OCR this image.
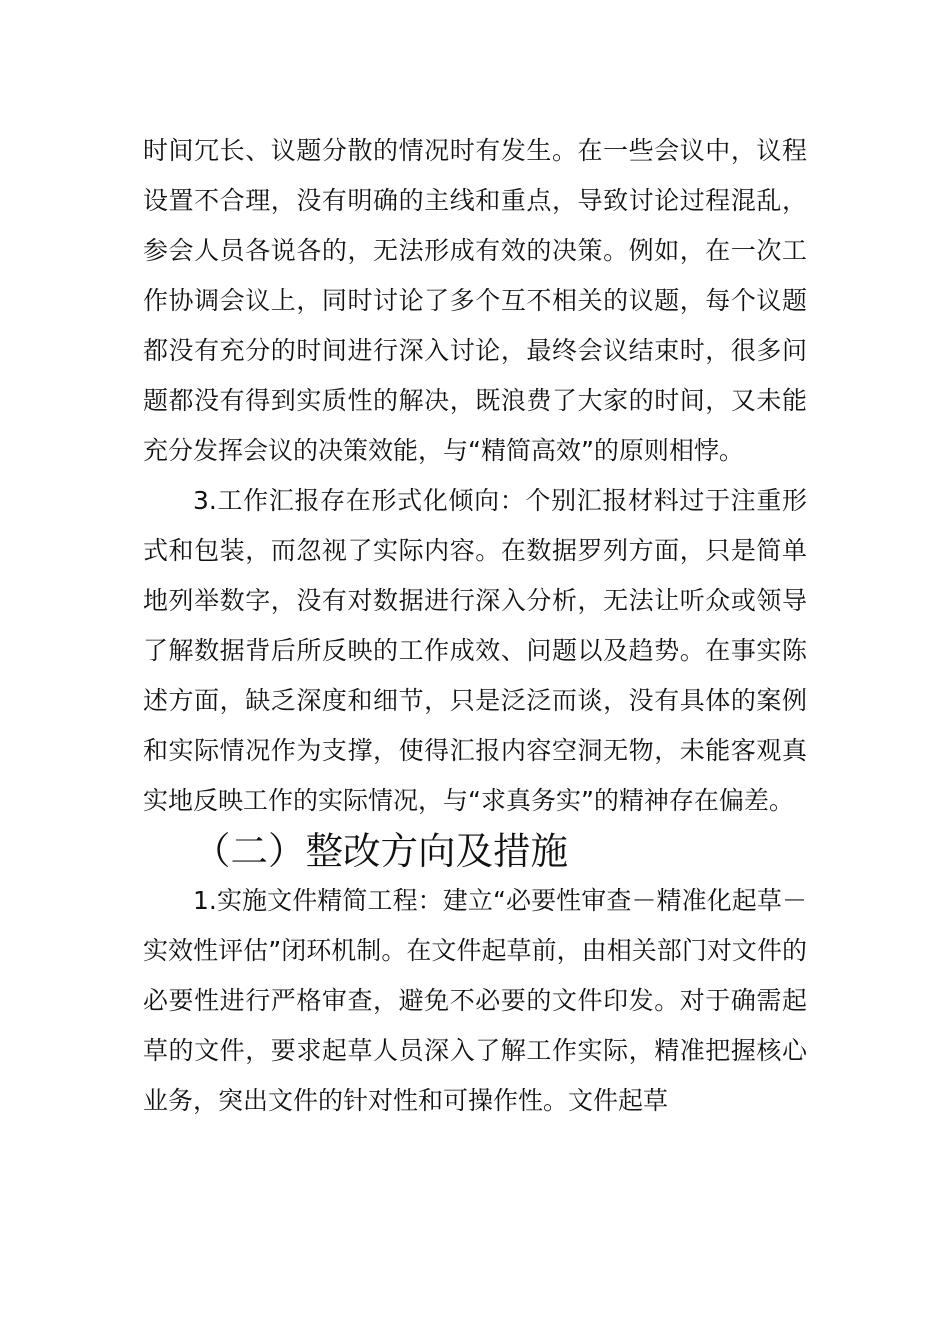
时间冗长、议题分散的情况时有发生。在一些会议中，议程设置不合理，没有明确的主线和重点，导致讨论过程混乱，参会人员各说各的，无法形成有效的决策。例如，在一次工作协调会议上，同时讨论了多个互不相关的议题，每个议题都没有充分的时间进行深入讨论，最终会议结束时，很多问题都没有得到实质性的解决，既浪费了大家的时间，又未能充分发挥会议的决策效能，与“精简高效”的原则相悖。

3.工作汇报存在形式化倾向：个别汇报材料过于注重形式和包装，而忽视了实际内容。在数据罗列方面，只是简单地列举数字，没有对数据进行深入分析，无法让听众或领导了解数据背后所反映的工作成效、问题以及趋势。在事实陈述方面，缺乏深度和细节，只是泛泛而谈，没有具体的案例和实际情况作为支撑，使得汇报内容空洞无物，未能客观真实地反映工作的实际情况，与“求真务实”的精神存在偏差。

（二）整改方向及措施

1.实施文件精简工程：建立“必要性审查－精准化起草－实效性评估”闭环机制。在文件起草前，由相关部门对文件的必要性进行严格审查，避免不必要的文件印发。对于确需起草的文件，要求起草人员深入了解工作实际，精准把握核心业务，突出文件的针对性和可操作性。文件起草
